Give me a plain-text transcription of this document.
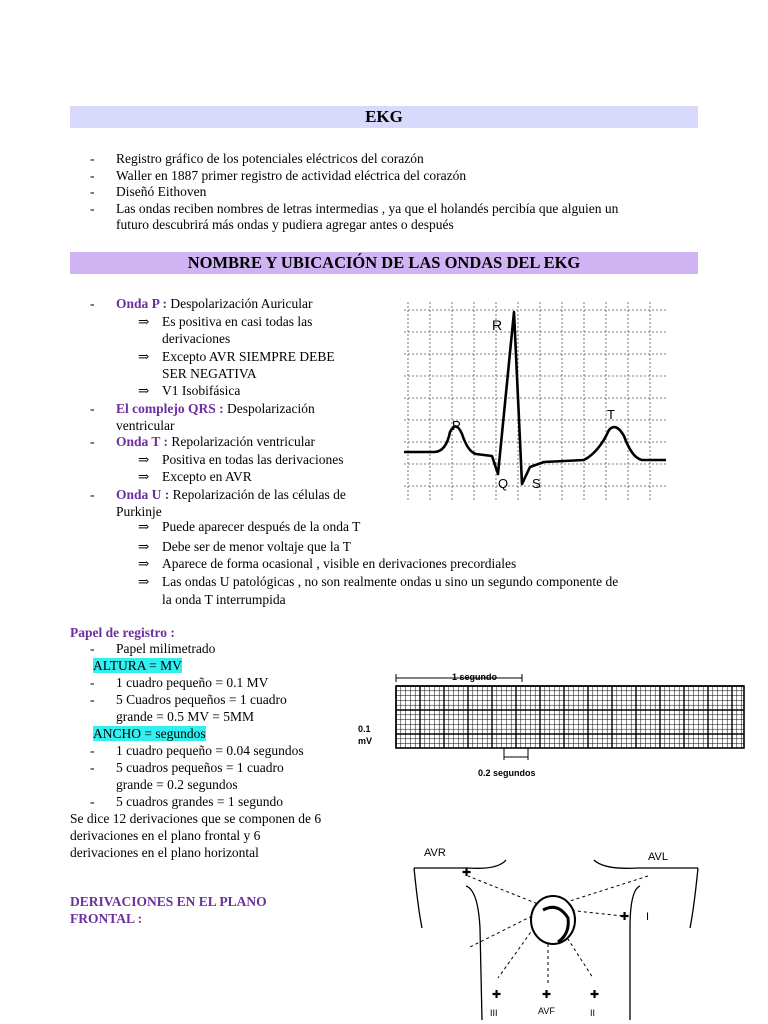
EKG
- Registro gráfico de los potenciales eléctricos del corazón
- Waller en 1887 primer registro de actividad eléctrica del corazón
- Diseñó Eithoven
- Las ondas reciben nombres de letras intermedias , ya que el holandés percibía que alguien un
futuro descubrirá más ondas y pudiera agregar antes o después
NOMBRE Y UBICACIÓN DE LAS ONDAS DEL EKG
- Onda P : Despolarización Auricular
⇒ Es positiva en casi todas las
derivaciones
⇒ Excepto AVR SIEMPRE DEBE
SER NEGATIVA
⇒ V1 Isobifásica
- El complejo QRS : Despolarización
ventricular
- Onda T : Repolarización ventricular
⇒ Positiva en todas las derivaciones
⇒ Excepto en AVR
- Onda U : Repolarización de las células de
Purkinje
⇒ Puede aparecer después de la onda T
⇒ Debe ser de menor voltaje que la T
⇒ Aparece de forma ocasional , visible en derivaciones precordiales
⇒ Las ondas U patológicas , no son realmente ondas u sino un segundo componente de
la onda T interrumpida
R
P
T
Q S
Papel de registro :
- Papel milimetrado
ALTURA = MV
- 1 cuadro pequeño = 0.1 MV
- 5 Cuadros pequeños = 1 cuadro
grande = 0.5 MV = 5MM
ANCHO = segundos
- 1 cuadro pequeño = 0.04 segundos
- 5 cuadros pequeños = 1 cuadro
grande = 0.2 segundos
- 5 cuadros grandes = 1 segundo
Se dice 12 derivaciones que se componen de 6
derivaciones en el plano frontal y 6
derivaciones en el plano horizontal
1 segundo
0.1
mV
0.2 segundos
DERIVACIONES EN EL PLANO
FRONTAL :
AVR	AVL
I
III	AVF	II
✚
✚
✚	✚	✚
